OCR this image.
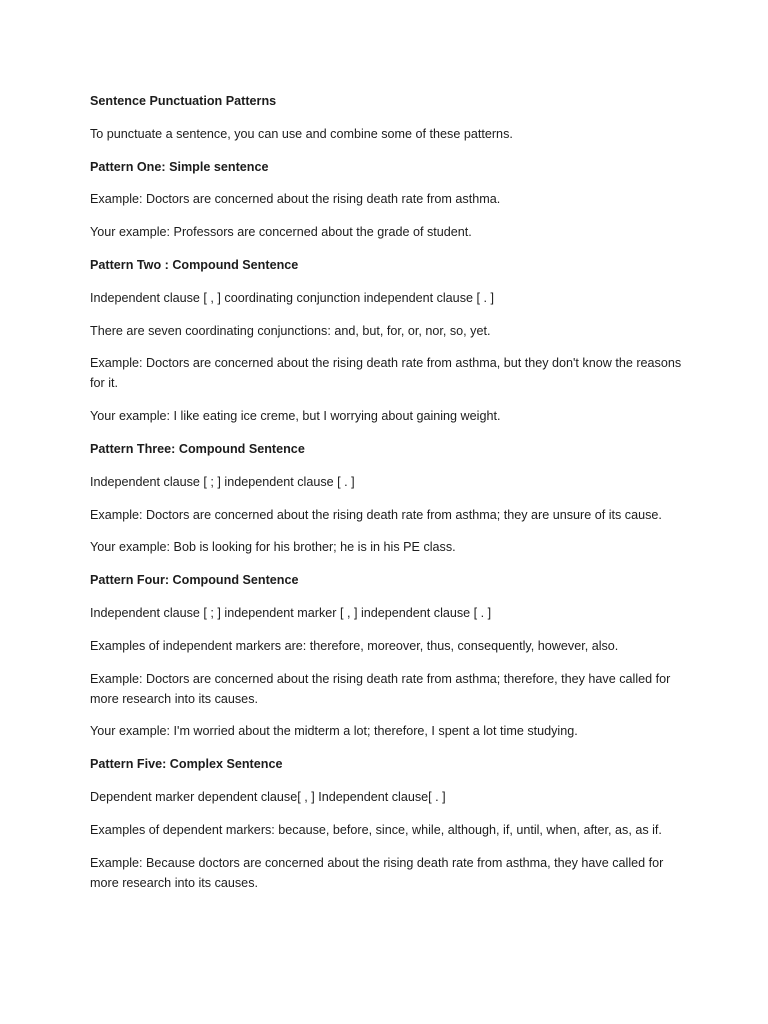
Sentence Punctuation Patterns

To punctuate a sentence, you can use and combine some of these patterns.

Pattern One: Simple sentence

Example: Doctors are concerned about the rising death rate from asthma.

Your example: Professors are concerned about the grade of student.

Pattern Two : Compound Sentence

Independent clause [ , ] coordinating conjunction independent clause [ . ]

There are seven coordinating conjunctions: and, but, for, or, nor, so, yet.

Example: Doctors are concerned about the rising death rate from asthma, but they don't know the reasons for it.

Your example: I like eating ice creme, but I worrying about gaining weight.

Pattern Three: Compound Sentence

Independent clause [ ; ] independent clause [ . ]

Example: Doctors are concerned about the rising death rate from asthma; they are unsure of its cause.

Your example: Bob is looking for his brother; he is in his PE class.

Pattern Four: Compound Sentence

Independent clause [ ; ] independent marker [ , ] independent clause [ . ]

Examples of independent markers are: therefore, moreover, thus, consequently, however, also.

Example: Doctors are concerned about the rising death rate from asthma; therefore, they have called for more research into its causes.

Your example: I'm worried about the midterm a lot; therefore, I spent a lot time studying.

Pattern Five: Complex Sentence

Dependent marker dependent clause[ , ] Independent clause[ . ]

Examples of dependent markers: because, before, since, while, although, if, until, when, after, as, as if.

Example: Because doctors are concerned about the rising death rate from asthma, they have called for more research into its causes.
